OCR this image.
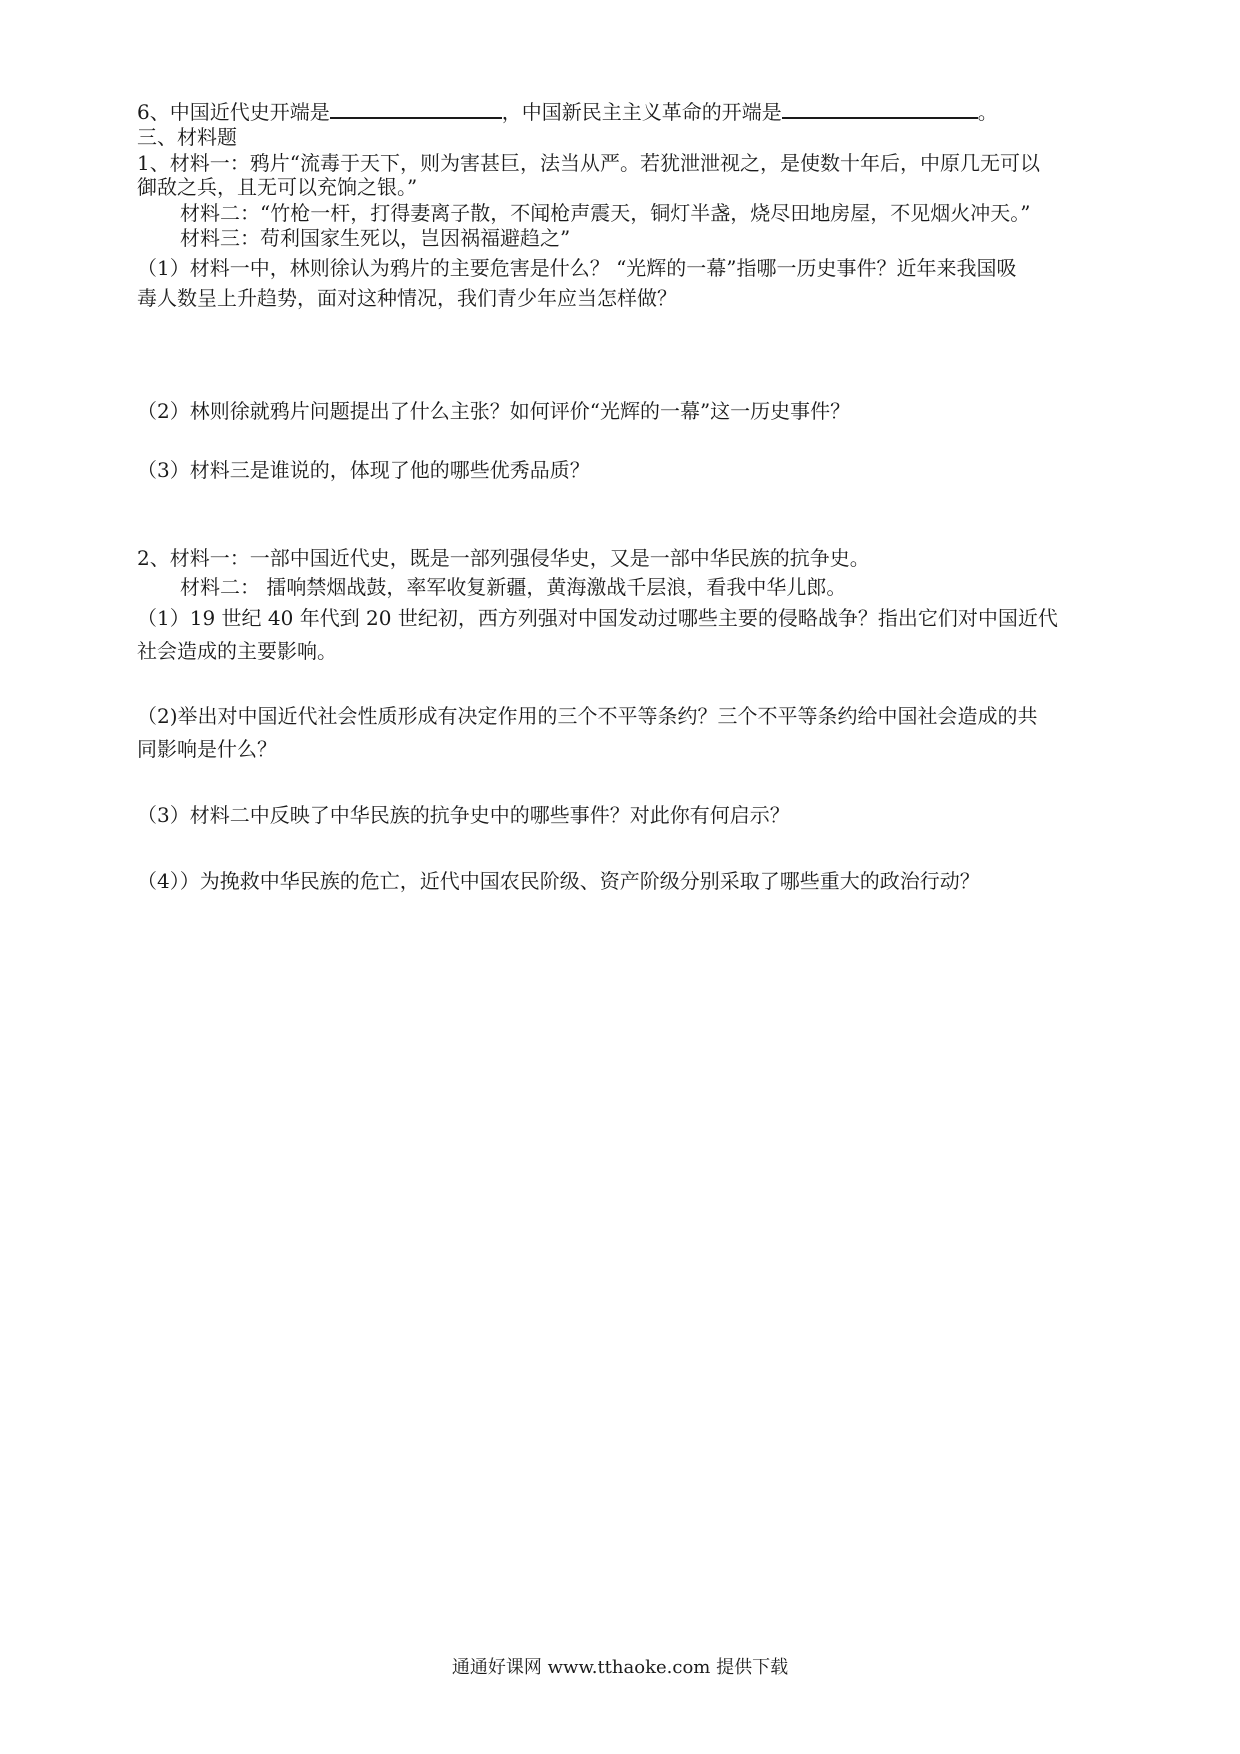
6、中国近代史开端是	，中国新民主主义革命的开端是	。
三、材料题
1、材料一：鸦片“流毒于天下，则为害甚巨，法当从严。若犹泄泄视之，是使数十年后，中原几无可以
御敌之兵，且无可以充饷之银。”
材料二：“竹枪一杆，打得妻离子散，不闻枪声震天，铜灯半盏，烧尽田地房屋，不见烟火冲天。”
材料三：苟利国家生死以，岂因祸福避趋之”
（1）材料一中，林则徐认为鸦片的主要危害是什么？ “光辉的一幕”指哪一历史事件？近年来我国吸
毒人数呈上升趋势，面对这种情况，我们青少年应当怎样做？
（2）林则徐就鸦片问题提出了什么主张？如何评价“光辉的一幕”这一历史事件？
（3）材料三是谁说的，体现了他的哪些优秀品质？
2、材料一：一部中国近代史，既是一部列强侵华史，又是一部中华民族的抗争史。
材料二： 擂响禁烟战鼓，率军收复新疆，黄海激战千层浪，看我中华儿郎。
（1）19 世纪 40 年代到 20 世纪初，西方列强对中国发动过哪些主要的侵略战争？指出它们对中国近代
社会造成的主要影响。
（2)举出对中国近代社会性质形成有决定作用的三个不平等条约？三个不平等条约给中国社会造成的共
同影响是什么？
（3）材料二中反映了中华民族的抗争史中的哪些事件？对此你有何启示？
（4））为挽救中华民族的危亡，近代中国农民阶级、资产阶级分别采取了哪些重大的政治行动？
通通好课网 www.tthaoke.com 提供下载
